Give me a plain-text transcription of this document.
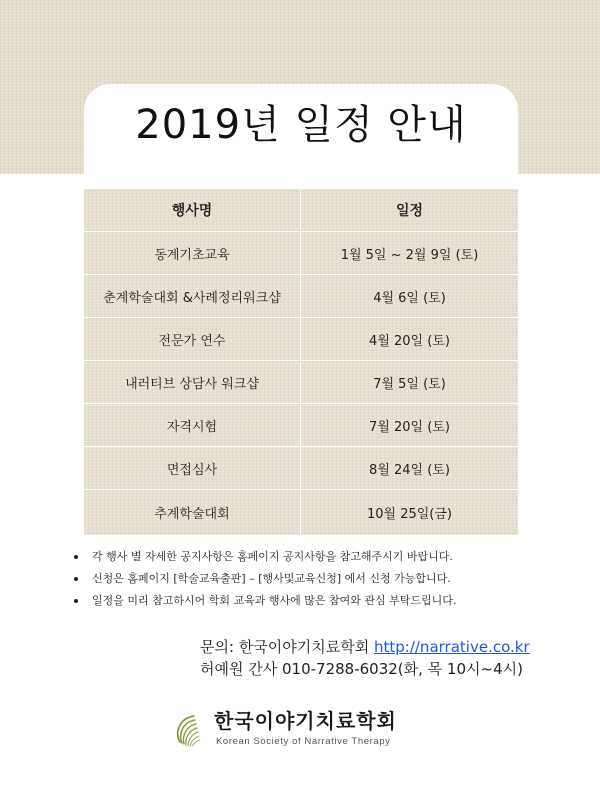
2019년 일정 안내
행사명	일정
동계기초교육	1월 5일 ~ 2월 9일 (토)
춘계학술대회 &사례정리워크샵	4월 6일 (토)
전문가 연수	4월 20일 (토)
내러티브 상담사 워크샵	7월 5일 (토)
자격시험	7월 20일 (토)
면접심사	8월 24일 (토)
추계학술대회	10월 25일(금)
각 행사 별 자세한 공지사항은 홈페이지 공지사항을 참고해주시기 바랍니다.
신청은 홈페이지 [학술교육출판] – [행사및교육신청] 에서 신청 가능합니다.
일정을 미리 참고하시어 학회 교육과 행사에 많은 참여와 관심 부탁드립니다.
문의: 한국이야기치료학회 http://narrative.co.kr
허예원 간사 010-7288-6032(화, 목 10시~4시)
한국이야기치료학회
Korean Society of Narrative Therapy
